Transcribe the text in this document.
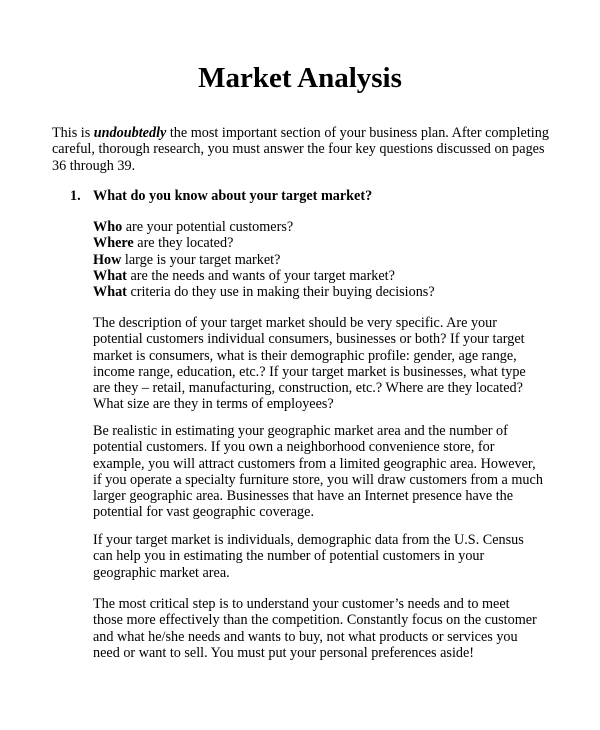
Market Analysis

This is undoubtedly the most important section of your business plan. After completing careful, thorough research, you must answer the four key questions discussed on pages 36 through 39.

1. What do you know about your target market?

Who are your potential customers?
Where are they located?
How large is your target market?
What are the needs and wants of your target market?
What criteria do they use in making their buying decisions?

The description of your target market should be very specific. Are your potential customers individual consumers, businesses or both? If your target market is consumers, what is their demographic profile: gender, age range, income range, education, etc.? If your target market is businesses, what type are they – retail, manufacturing, construction, etc.? Where are they located? What size are they in terms of employees?

Be realistic in estimating your geographic market area and the number of potential customers. If you own a neighborhood convenience store, for example, you will attract customers from a limited geographic area. However, if you operate a specialty furniture store, you will draw customers from a much larger geographic area. Businesses that have an Internet presence have the potential for vast geographic coverage.

If your target market is individuals, demographic data from the U.S. Census can help you in estimating the number of potential customers in your geographic market area.

The most critical step is to understand your customer’s needs and to meet those more effectively than the competition. Constantly focus on the customer and what he/she needs and wants to buy, not what products or services you need or want to sell. You must put your personal preferences aside!
